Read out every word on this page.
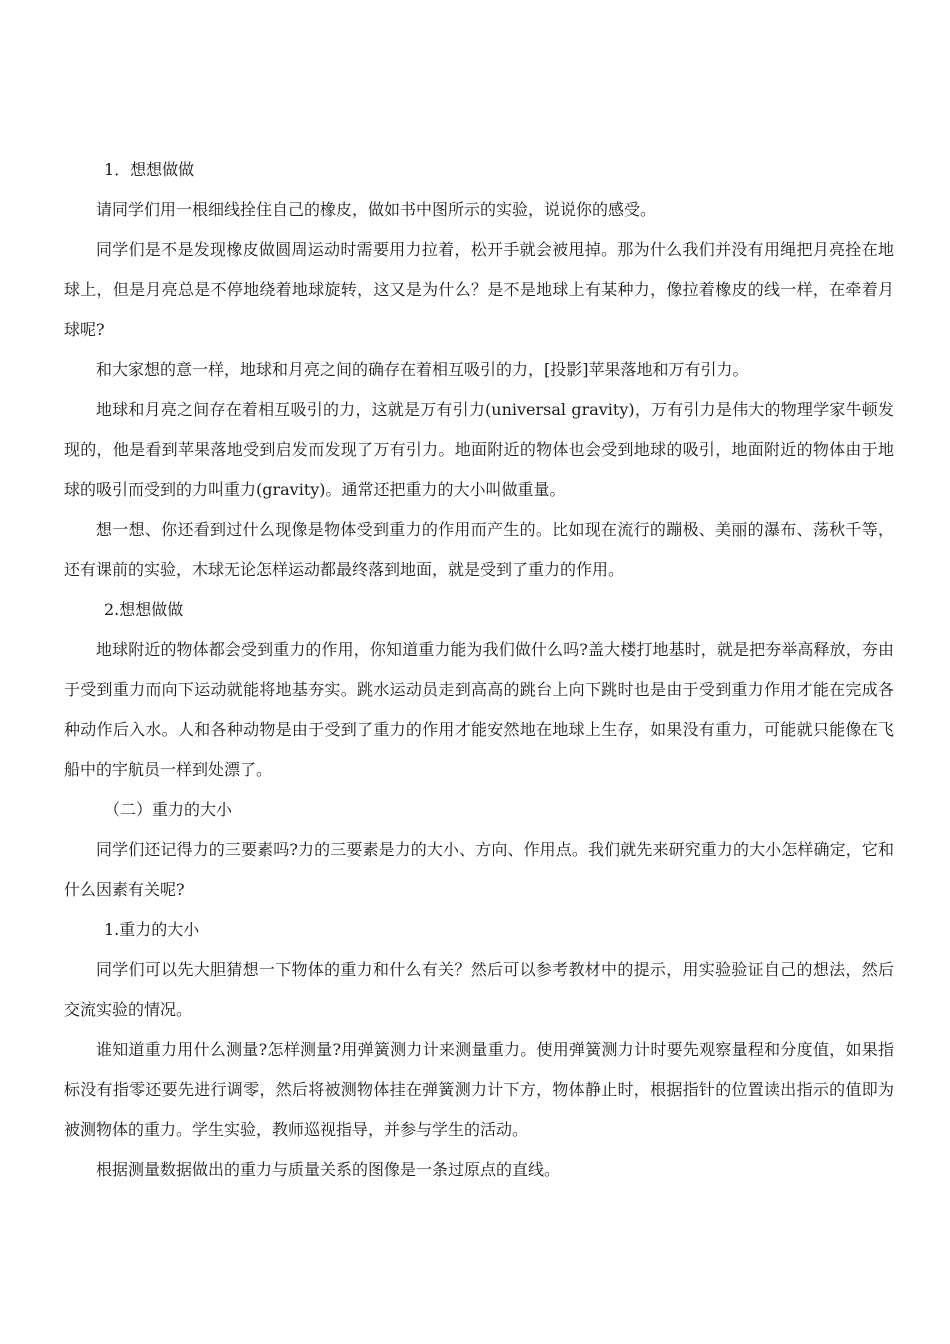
1．想想做做

请同学们用一根细线拴住自己的橡皮，做如书中图所示的实验，说说你的感受。

同学们是不是发现橡皮做圆周运动时需要用力拉着，松开手就会被甩掉。那为什么我们并没有用绳把月亮拴在地球上，但是月亮总是不停地绕着地球旋转，这又是为什么？是不是地球上有某种力，像拉着橡皮的线一样，在牵着月球呢?

和大家想的意一样，地球和月亮之间的确存在着相互吸引的力，[投影]苹果落地和万有引力。

地球和月亮之间存在着相互吸引的力，这就是万有引力(universal gravity)，万有引力是伟大的物理学家牛顿发现的，他是看到苹果落地受到启发而发现了万有引力。地面附近的物体也会受到地球的吸引，地面附近的物体由于地球的吸引而受到的力叫重力(gravity)。通常还把重力的大小叫做重量。

想一想、你还看到过什么现像是物体受到重力的作用而产生的。比如现在流行的蹦极、美丽的瀑布、荡秋千等，还有课前的实验，木球无论怎样运动都最终落到地面，就是受到了重力的作用。

2.想想做做

地球附近的物体都会受到重力的作用，你知道重力能为我们做什么吗?盖大楼打地基时，就是把夯举高释放，夯由于受到重力而向下运动就能将地基夯实。跳水运动员走到高高的跳台上向下跳时也是由于受到重力作用才能在完成各种动作后入水。人和各种动物是由于受到了重力的作用才能安然地在地球上生存，如果没有重力，可能就只能像在飞船中的宇航员一样到处漂了。

（二）重力的大小

同学们还记得力的三要素吗?力的三要素是力的大小、方向、作用点。我们就先来研究重力的大小怎样确定，它和什么因素有关呢?

1.重力的大小

同学们可以先大胆猜想一下物体的重力和什么有关？然后可以参考教材中的提示，用实验验证自己的想法，然后交流实验的情况。

谁知道重力用什么测量?怎样测量?用弹簧测力计来测量重力。使用弹簧测力计时要先观察量程和分度值，如果指标没有指零还要先进行调零，然后将被测物体挂在弹簧测力计下方，物体静止时，根据指针的位置读出指示的值即为被测物体的重力。学生实验，教师巡视指导，并参与学生的活动。

根据测量数据做出的重力与质量关系的图像是一条过原点的直线。
